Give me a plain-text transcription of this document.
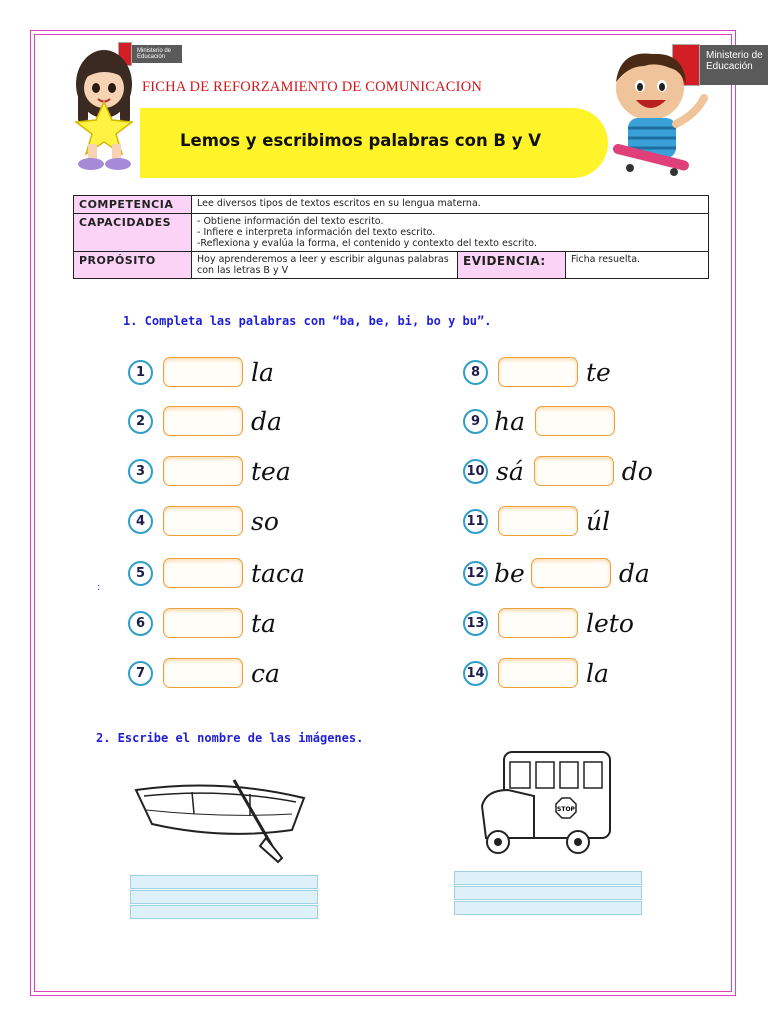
Ministerio de Educación	Ministerio de Educación
FICHA DE REFORZAMIENTO DE COMUNICACION
Lemos y escribimos palabras con B y V
COMPETENCIA	Lee diversos tipos de textos escritos en su lengua materna.		
CAPACIDADES	- Obtiene información del texto escrito.
- Infiere e interpreta información del texto escrito.
-Reflexiona y evalúa la forma, el contenido y contexto del texto escrito.		

PROPÓSITO	Hoy aprenderemos a leer y escribir algunas palabras con las letras B y V	EVIDENCIA:	Ficha resuelta.
1. Completa las palabras con “ba, be, bi, bo y bu”.
:
1	la
2	da
3	tea
4	so
5	taca
6	ta
7	ca
8	te
9 ha
10 sá	do
11	úl
12 be	da
13	leto
14	la
2. Escribe el nombre de las imágenes.
STOP
